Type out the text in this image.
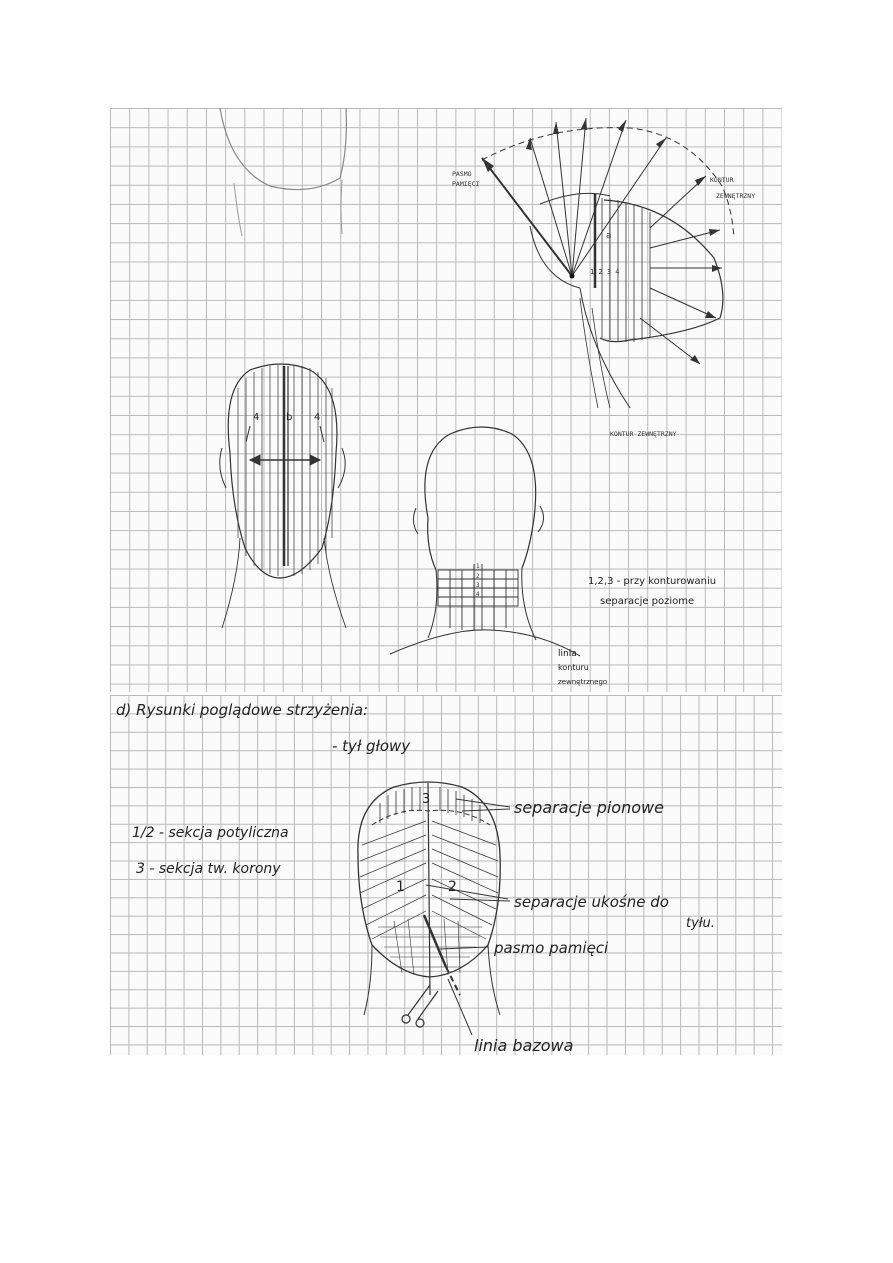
PASMO
PAMIĘCI	KONTUR
ZEWNĘTRZNY
a
1 2 3 4
KONTUR ZEWNĘTRZNY
4	b 4
1
2
3
4
1,2,3 - przy konturowaniu
separacje poziome
linia
konturu
zewnętrznego
d) Rysunki poglądowe strzyżenia:
- tył głowy
1/2 - sekcja potyliczna
3 - sekcja tw. korony
3
1	2
separacje pionowe
separacje ukośne do
tyłu.
pasmo pamięci
linia bazowa
